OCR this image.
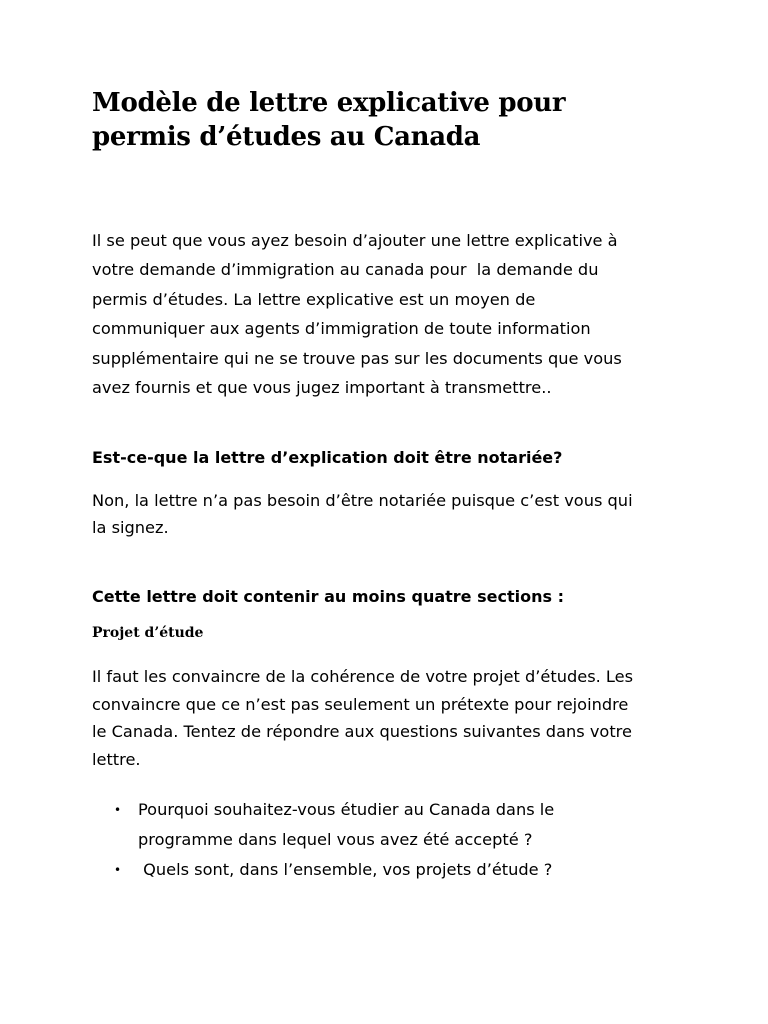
Modèle de lettre explicative pour permis d’études au Canada

Il se peut que vous ayez besoin d’ajouter une lettre explicative à
votre demande d’immigration au canada pour  la demande du
permis d’études. La lettre explicative est un moyen de
communiquer aux agents d’immigration de toute information
supplémentaire qui ne se trouve pas sur les documents que vous
avez fournis et que vous jugez important à transmettre..

Est-ce-que la lettre d’explication doit être notariée?

Non, la lettre n’a pas besoin d’être notariée puisque c’est vous qui
la signez.

Cette lettre doit contenir au moins quatre sections :
Projet d’étude

Il faut les convaincre de la cohérence de votre projet d’études. Les
convaincre que ce n’est pas seulement un prétexte pour rejoindre
le Canada. Tentez de répondre aux questions suivantes dans votre
lettre.

• Pourquoi souhaitez-vous étudier au Canada dans le
programme dans lequel vous avez été accepté ?
• Quels sont, dans l’ensemble, vos projets d’étude ?
